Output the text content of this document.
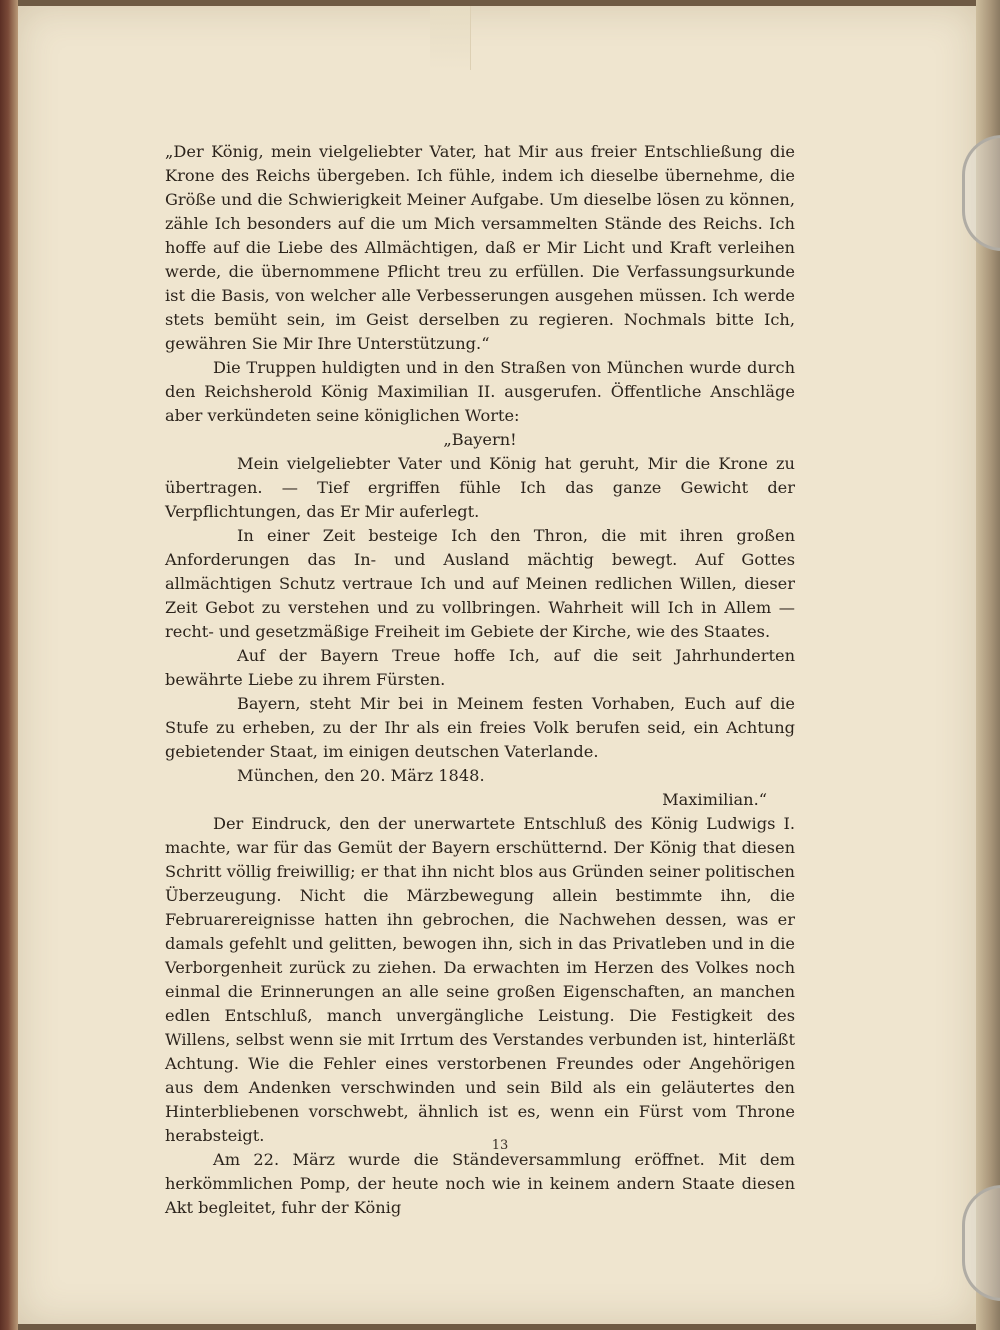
„Der König, mein vielgeliebter Vater, hat Mir aus freier Entschließung die Krone des Reichs übergeben. Ich fühle, indem ich dieselbe übernehme, die Größe und die Schwierigkeit Meiner Aufgabe. Um dieselbe lösen zu können, zähle Ich besonders auf die um Mich versammelten Stände des Reichs. Ich hoffe auf die Liebe des Allmächtigen, daß er Mir Licht und Kraft verleihen werde, die übernommene Pflicht treu zu erfüllen. Die Verfassungsurkunde ist die Basis, von welcher alle Verbesserungen ausgehen müssen. Ich werde stets bemüht sein, im Geist derselben zu regieren. Nochmals bitte Ich, gewähren Sie Mir Ihre Unterstützung.“

Die Truppen huldigten und in den Straßen von München wurde durch den Reichsherold König Maximilian II. ausgerufen. Öffentliche Anschläge aber verkündeten seine königlichen Worte:

„Bayern!

Mein vielgeliebter Vater und König hat geruht, Mir die Krone zu übertragen. — Tief ergriffen fühle Ich das ganze Gewicht der Verpflichtungen, das Er Mir auferlegt.

In einer Zeit besteige Ich den Thron, die mit ihren großen Anforderungen das In- und Ausland mächtig bewegt. Auf Gottes allmächtigen Schutz vertraue Ich und auf Meinen redlichen Willen, dieser Zeit Gebot zu verstehen und zu vollbringen. Wahrheit will Ich in Allem — recht- und gesetzmäßige Freiheit im Gebiete der Kirche, wie des Staates.

Auf der Bayern Treue hoffe Ich, auf die seit Jahrhunderten bewährte Liebe zu ihrem Fürsten.

Bayern, steht Mir bei in Meinem festen Vorhaben, Euch auf die Stufe zu erheben, zu der Ihr als ein freies Volk berufen seid, ein Achtung gebietender Staat, im einigen deutschen Vaterlande.

München, den 20. März 1848.

Maximilian.“

Der Eindruck, den der unerwartete Entschluß des König Ludwigs I. machte, war für das Gemüt der Bayern erschütternd. Der König that diesen Schritt völlig freiwillig; er that ihn nicht blos aus Gründen seiner politischen Überzeugung. Nicht die Märzbewegung allein bestimmte ihn, die Februarereignisse hatten ihn gebrochen, die Nachwehen dessen, was er damals gefehlt und gelitten, bewogen ihn, sich in das Privatleben und in die Verborgenheit zurück zu ziehen. Da erwachten im Herzen des Volkes noch einmal die Erinnerungen an alle seine großen Eigenschaften, an manchen edlen Entschluß, manch unvergängliche Leistung. Die Festigkeit des Willens, selbst wenn sie mit Irrtum des Verstandes verbunden ist, hinterläßt Achtung. Wie die Fehler eines verstorbenen Freundes oder Angehörigen aus dem Andenken verschwinden und sein Bild als ein geläutertes den Hinterbliebenen vorschwebt, ähnlich ist es, wenn ein Fürst vom Throne herabsteigt.

Am 22. März wurde die Ständeversammlung eröffnet. Mit dem herkömmlichen Pomp, der heute noch wie in keinem andern Staate diesen Akt begleitet, fuhr der König

13
